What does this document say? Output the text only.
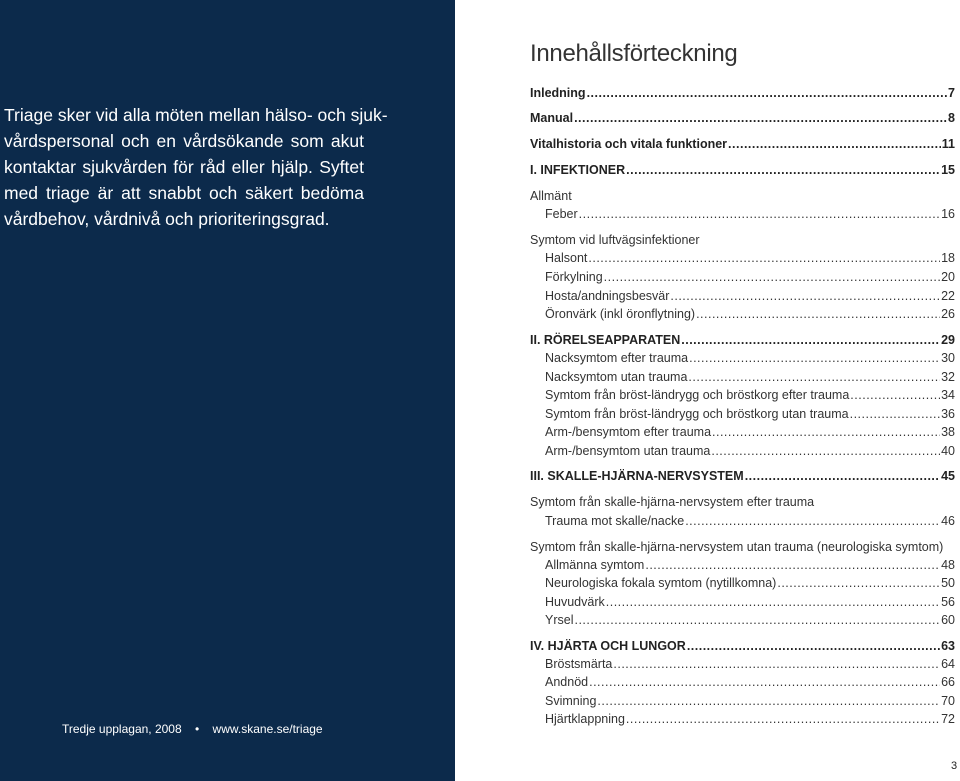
Triage sker vid alla möten mellan hälso- och sjuk-
vårdspersonal och en vårdsökande som akut
kontaktar sjukvården för råd eller hjälp. Syftet
med triage är att snabbt och säkert bedöma
vårdbehov, vårdnivå och prioriteringsgrad.
Tredje upplagan, 2008 • www.skane.se/triage
Innehållsförteckning
Inledning .....	7
Manual .....	8
Vitalhistoria och vitala funktioner .....	11
I. INFEKTIONER .....	15
Allmänt
Feber .....	16
Symtom vid luftvägsinfektioner
Halsont .....	18
Förkylning .....	20
Hosta/andningsbesvär .....	22
Öronvärk (inkl öronflytning) .....	26
II. RÖRELSEAPPARATEN .....	29
Nacksymtom efter trauma .....	30
Nacksymtom utan trauma .....	32
Symtom från bröst-ländrygg och bröstkorg efter trauma .....	34
Symtom från bröst-ländrygg och bröstkorg utan trauma .....	36
Arm-/bensymtom efter trauma .....	38
Arm-/bensymtom utan trauma .....	40
III. SKALLE-HJÄRNA-NERVSYSTEM .....	45
Symtom från skalle-hjärna-nervsystem efter trauma
Trauma mot skalle/nacke .....	46
Symtom från skalle-hjärna-nervsystem utan trauma (neurologiska symtom)
Allmänna symtom .....	48
Neurologiska fokala symtom (nytillkomna) .....	50
Huvudvärk .....	56
Yrsel .....	60
IV. HJÄRTA OCH LUNGOR .....	63
Bröstsmärta .....	64
Andnöd .....	66
Svimning .....	70
Hjärtklappning .....	72
3
